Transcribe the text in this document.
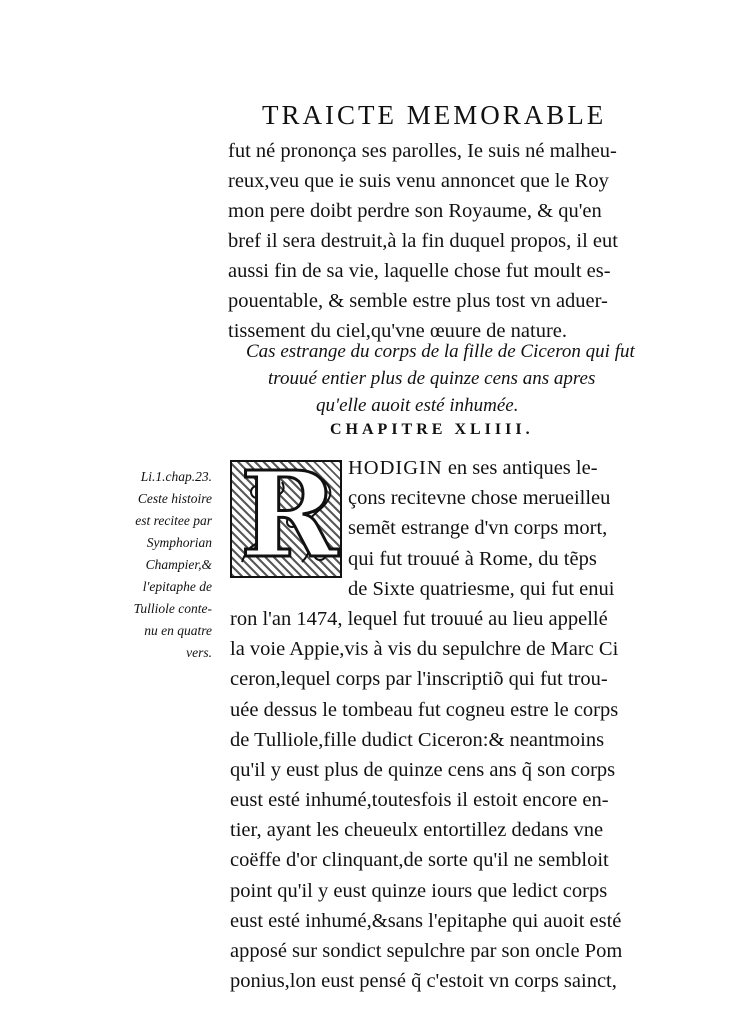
TRAICTE MEMORABLE
fut né prononça ses parolles, Ie suis né malheu-
reux,veu que ie suis venu annoncet que le Roy
mon pere doibt perdre son Royaume, & qu'en
bref il sera destruit,à la fin duquel propos, il eut
aussi fin de sa vie, laquelle chose fut moult es-
pouentable, & semble estre plus tost vn aduer-
tissement du ciel,qu'vne œuure de nature.
Cas estrange du corps de la fille de Ciceron qui fut
trouué entier plus de quinze cens ans apres
qu'elle auoit esté inhumée.
CHAPITRE XLIIII.
Li.1.chap.23.
Ceste histoire
est recitee par
Symphorian
Champier,&
l'epitaphe de
Tulliole conte-
nu en quatre
vers.
R HODIGIN en ses antiques le-
çons recitevne chose merueilleu
semẽt estrange d'vn corps mort,
qui fut trouué à Rome, du tẽps
de Sixte quatriesme, qui fut enui
ron l'an 1474, lequel fut trouué au lieu appellé
la voie Appie,vis à vis du sepulchre de Marc Ci
ceron,lequel corps par l'inscriptiõ qui fut trou-
uée dessus le tombeau fut cogneu estre le corps
de Tulliole,fille dudict Ciceron:& neantmoins
qu'il y eust plus de quinze cens ans q̃ son corps
eust esté inhumé,toutesfois il estoit encore en-
tier, ayant les cheueulx entortillez dedans vne
coëffe d'or clinquant,de sorte qu'il ne sembloit
point qu'il y eust quinze iours que ledict corps
eust esté inhumé,&sans l'epitaphe qui auoit esté
apposé sur sondict sepulchre par son oncle Pom
ponius,lon eust pensé q̃ c'estoit vn corps sainct,
